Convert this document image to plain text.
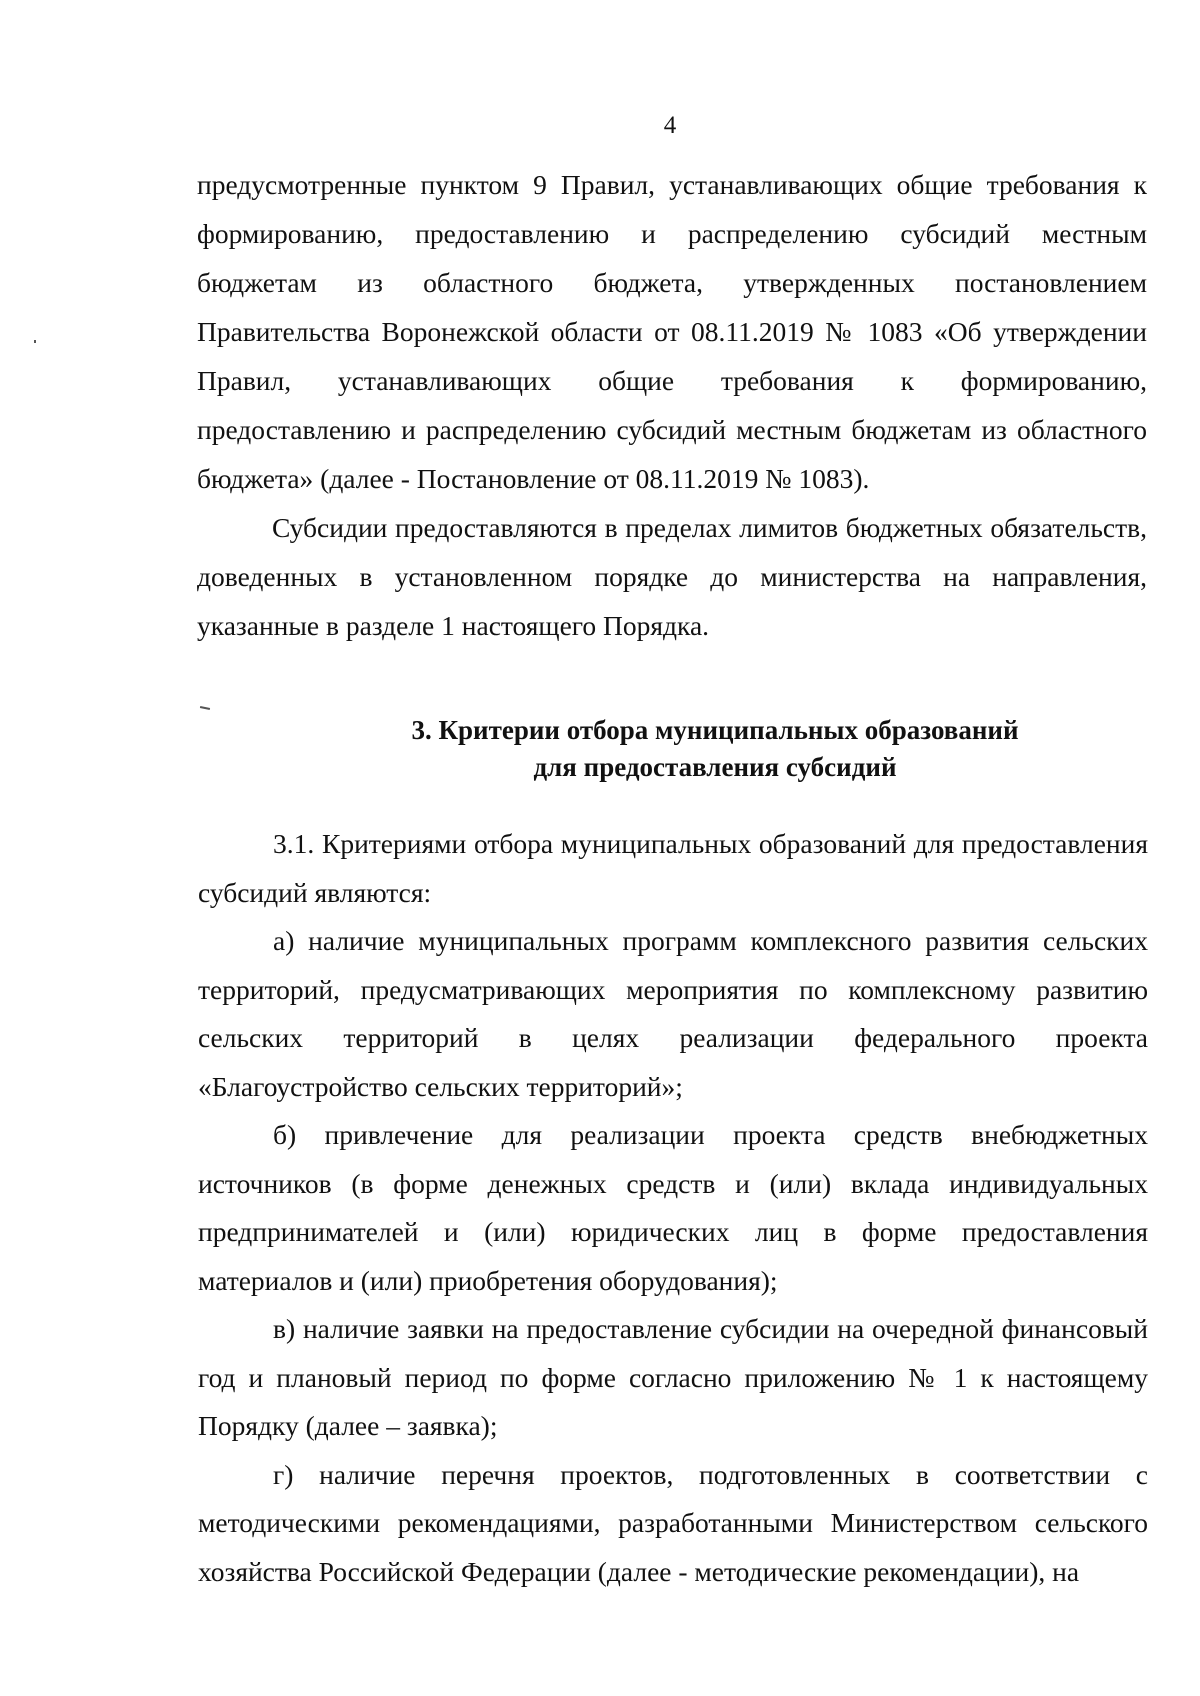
4

предусмотренные пунктом 9 Правил, устанавливающих общие требования к формированию, предоставлению и распределению субсидий местным бюджетам из областного бюджета, утвержденных постановлением Правительства Воронежской области от 08.11.2019 № 1083 «Об утверждении Правил, устанавливающих общие требования к формированию, предоставлению и распределению субсидий местным бюджетам из областного бюджета» (далее - Постановление от 08.11.2019 № 1083).

Субсидии предоставляются в пределах лимитов бюджетных обязательств, доведенных в установленном порядке до министерства на направления, указанные в разделе 1 настоящего Порядка.

3. Критерии отбора муниципальных образований
для предоставления субсидий

3.1. Критериями отбора муниципальных образований для предоставления субсидий являются:

а) наличие муниципальных программ комплексного развития сельских территорий, предусматривающих мероприятия по комплексному развитию сельских территорий в целях реализации федерального проекта «Благоустройство сельских территорий»;

б) привлечение для реализации проекта средств внебюджетных источников (в форме денежных средств и (или) вклада индивидуальных предпринимателей и (или) юридических лиц в форме предоставления материалов и (или) приобретения оборудования);

в) наличие заявки на предоставление субсидии на очередной финансовый год и плановый период по форме согласно приложению № 1 к настоящему Порядку (далее – заявка);

г) наличие перечня проектов, подготовленных в соответствии с методическими рекомендациями, разработанными Министерством сельского хозяйства Российской Федерации (далее - методические рекомендации), на
